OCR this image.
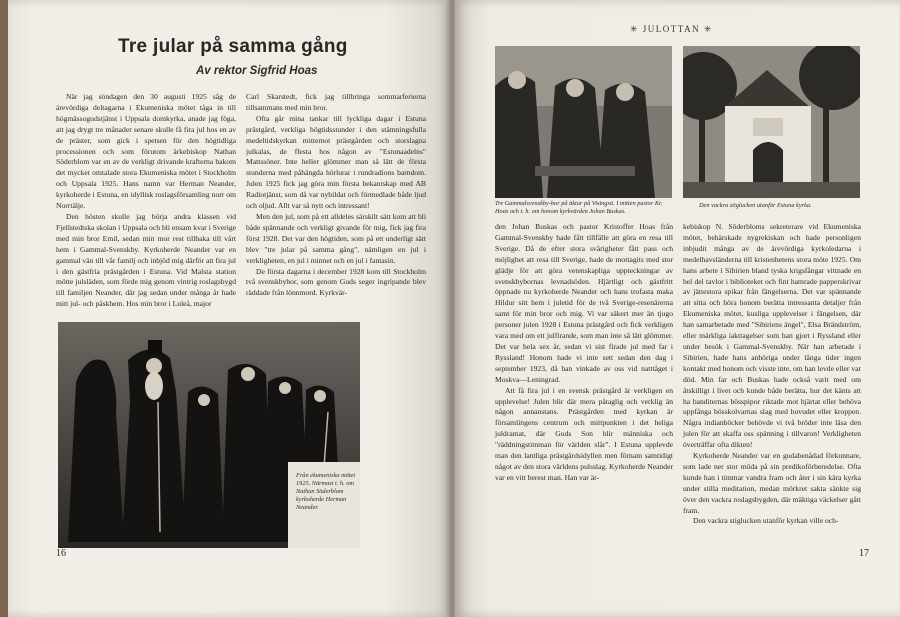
Tre jular på samma gång
Av rektor Sigfrid Hoas

När jag söndagen den 30 augusti 1925 såg de ärevördiga deltagarna i Ekumeniska mötet tåga in till högmässogudstjänst i Uppsala domkyrka, anade jag föga, att jag drygt tre månader senare skulle få fira jul hos en av de präster, som gick i spetsen för den högtidliga processionen och som förutom ärkebiskop Nathan Söderblom var en av de verkligt drivande krafterna bakom det mycket omtalade stora Ekumeniska mötet i Stockholm och Uppsala 1925. Hans namn var Herman Neander, kyrkoherde i Estuna, en idyllisk roslagsförsamling norr om Norrtälje.

Den hösten skulle jag börja andra klassen vid Fjellstedtska skolan i Uppsala och bli ensam kvar i Sverige med min bror Emil, sedan min mor rest tillbaka till vårt hem i Gammal-Svenskby. Kyrkoherde Neander var en gammal vän till vår familj och inbjöd mig därför att fira jul i den gästfria prästgården i Estuna. Vid Malsta station mötte julsläden, som förde mig genom vintrig roslagsbygd till familjen Neander, där jag sedan under många år hade mitt jul- och påskhem. Hos min bror i Luleå, major

Carl Skarstedt, fick jag tillbringa sommarferierna tillsammans med min bror.

Ofta går mina tankar till lyckliga dagar i Estuna prästgård, verkliga högtidsstunder i den stämningsfulla medeltidskyrkan mittemot prästgården och storslagna julkalas, de flesta hos någon av "Estunaadelns" Mattssöner. Inte heller glömmer man så lätt de första stunderna med påhängda hörlurar i rundradions barndom. Julen 1925 fick jag göra min första bekantskap med AB Radiotjänst, som då var nybildat och förmedlade både ljud och oljud. Allt var så nytt och intressant!

Men den jul, som på ett alldeles särskilt sätt kom att bli både spännande och verkligt givande för mig, fick jag fira först 1928. Det var den högtiden, som på ett underligt sätt blev "tre jular på samma gång", nämligen en jul i verkligheten, en jul i minnet och en jul i fantasin.

De första dagarna i december 1928 kom till Stockholm två svenskbybor, som genom Guds seger ingripande blev räddade från lönnmord. Kyrkvär-

Från ekumeniska mötet 1925. Närmast t. h. om Nathan Söderblom kyrkoherde Herman Neander.
16
✳ JULOTTAN ✳
Tre Gammalsvenskby-bor på äktur på Visingsö. I mitten pastor Kr. Hoas och t. h. om honom kyrkvärden Johan Buskas.
Den vackra stiglucken utanför Estuna kyrka.

den Johan Buskas och pastor Kristoffer Hoas från Gammal-Svenskby hade fått tillfälle att göra en resa till Sverige. Då de efter stora svårigheter fått pass och möjlighet att resa till Sverige, hade de mottagits med stor glädje för att göra vetenskapliga uppteckningar av svenskbybornas levnadsöden. Hjärtligt och gästfritt öppnade nu kyrkoherde Neander och hans trofasta maka Hildur sitt hem i juletid för de två Sverige-resenärerna samt för min bror och mig. Vi var säkert mer än tjugo personer julen 1928 i Estuna prästgård och fick verkligen vara med om ett julfirande, som man inte så lätt glömmer. Det var hela sex år, sedan vi sist firade jul med far i Ryssland! Honom hade vi inte sett sedan den dag i september 1923, då han vinkade av oss vid natttåget i Moskva—Leningrad.

Att få fira jul i en svensk prästgård är verkligen en upplevelse! Julen blir där mera påtaglig och verklig än någon annanstans. Prästgården med kyrkan är församlingens centrum och mittpunkten i det heliga juldramat, där Guds Son blir människa och "räddningstimman för världen slår". I Estuna upplevde man den lantliga prästgårdsidyllen men förnam samtidigt något av den stora världens pulsslag. Kyrkoherde Neander var en vitt berest man. Han var är-

kebiskop N. Söderbloms sekreterare vid Ekumeniska mötet, behärskade nygrekiskan och hade personligen inbjudit många av de ärevördiga kyrkoledarna i medelhavsländerna till kristenhetens stora möte 1925. Om hans arbete i Sibirien bland tyska krigsfångar vittnade en hel del tavlor i biblioteket och fint hamrade papperskrivar av jättestora spikar från fängelserna. Det var spännande att sitta och höra honom berätta intressanta detaljer från Ekumeniska mötet, kusliga upplevelser i fängelsen, där han samarbetade med "Sibiriens ängel", Elsa Brändström, eller märkliga iakttagelser som han gjort i Ryssland eller under besök i Gammal-Svenskby. När han arbetade i Sibirien, hade hans anhöriga under långa tider ingen kontakt med honom och visste inte, om han levde eller var död. Min far och Buskas hade också varit med om åtskilligt i livet och kunde både berätta, hur det känts att ha banditernas bösspipor riktade mot hjärtat eller behöva uppfånga bösskolvarnas slag med huvudet eller kroppen. Några indianböcker behövde vi två bröder inte läsa den julen för att skaffa oss spänning i tillvaron! Verkligheten överträffar ofta dikten!

Kyrkoherde Neander var en gudabenådad förkunnare, som lade ner stor möda på sin predikoförberedelse. Ofta kunde han i timmar vandra fram och åter i sin kära kyrka under stilla meditation, medan mörkret sakta sänkte sig över den vackra roslagsbygden, där mäktiga väckelser gått fram.

Den vackra stiglucken utanför kyrkan ville och-

17
